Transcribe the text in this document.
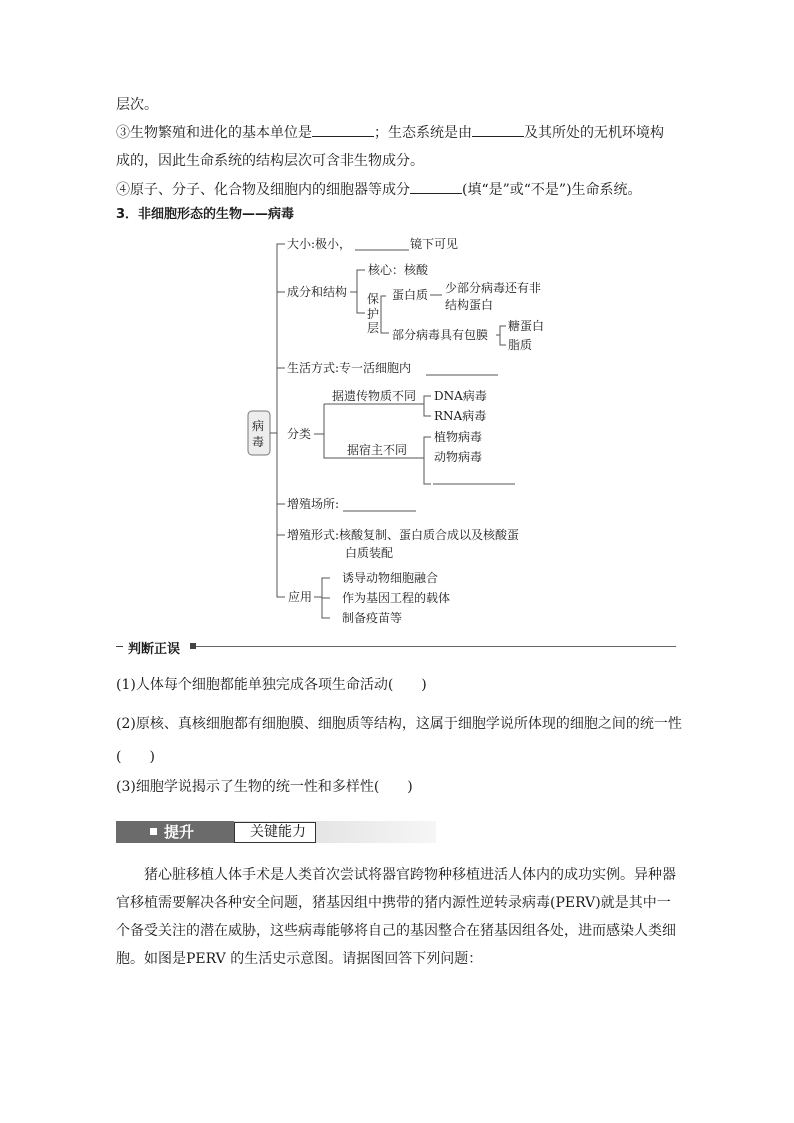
层次。
③生物繁殖和进化的基本单位是	；生态系统是由	及其所处的无机环境构
成的，因此生命系统的结构层次可含非生物成分。
④原子、分子、化合物及细胞内的细胞器等成分	(填“是”或“不是”)生命系统。
3．非细胞形态的生物——病毒
病
毒
大小:极小，	镜下可见
成分和结构
核心：核酸
保
护
层
蛋白质 少部分病毒还有非
结构蛋白
部分病毒具有包膜
糖蛋白
脂质
生活方式:专一活细胞内
分类
据遗传物质不同
据宿主不同
DNA病毒
RNA病毒
植物病毒
动物病毒
增殖场所:
增殖形式:核酸复制、蛋白质合成以及核酸蛋
白质装配
应用
诱导动物细胞融合
作为基因工程的载体
制备疫苗等
判断正误
(1)人体每个细胞都能单独完成各项生命活动(　　)
(2)原核、真核细胞都有细胞膜、细胞质等结构，这属于细胞学说所体现的细胞之间的统一性
(　　)
(3)细胞学说揭示了生物的统一性和多样性(　　)
提升	关键能力
猪心脏移植人体手术是人类首次尝试将器官跨物种移植进活人体内的成功实例。异种器官移植需要解决各种安全问题，猪基因组中携带的猪内源性逆转录病毒(PERV)就是其中一个备受关注的潜在威胁，这些病毒能够将自己的基因整合在猪基因组各处，进而感染人类细胞。如图是PERV 的生活史示意图。请据图回答下列问题：
